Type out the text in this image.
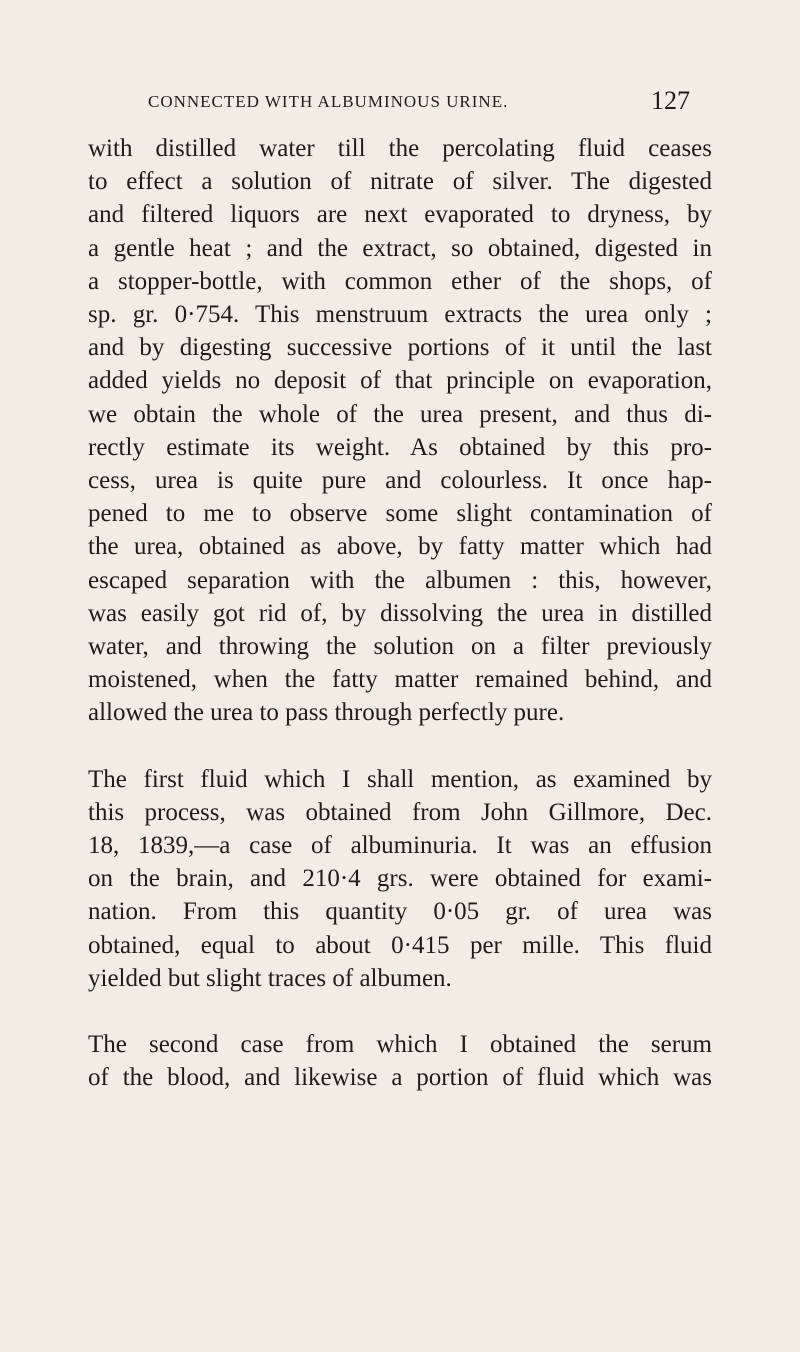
CONNECTED WITH ALBUMINOUS URINE.	127
with distilled water till the percolating fluid ceases
to effect a solution of nitrate of silver. The digested
and filtered liquors are next evaporated to dryness, by
a gentle heat ; and the extract, so obtained, digested in
a stopper-bottle, with common ether of the shops, of
sp. gr. 0·754. This menstruum extracts the urea only ;
and by digesting successive portions of it until the last
added yields no deposit of that principle on evaporation,
we obtain the whole of the urea present, and thus di-
rectly estimate its weight. As obtained by this pro-
cess, urea is quite pure and colourless. It once hap-
pened to me to observe some slight contamination of
the urea, obtained as above, by fatty matter which had
escaped separation with the albumen : this, however,
was easily got rid of, by dissolving the urea in distilled
water, and throwing the solution on a filter previously
moistened, when the fatty matter remained behind, and
allowed the urea to pass through perfectly pure.
The first fluid which I shall mention, as examined by
this process, was obtained from John Gillmore, Dec.
18, 1839,—a case of albuminuria. It was an effusion
on the brain, and 210·4 grs. were obtained for exami-
nation. From this quantity 0·05 gr. of urea was
obtained, equal to about 0·415 per mille. This fluid
yielded but slight traces of albumen.
The second case from which I obtained the serum
of the blood, and likewise a portion of fluid which was
